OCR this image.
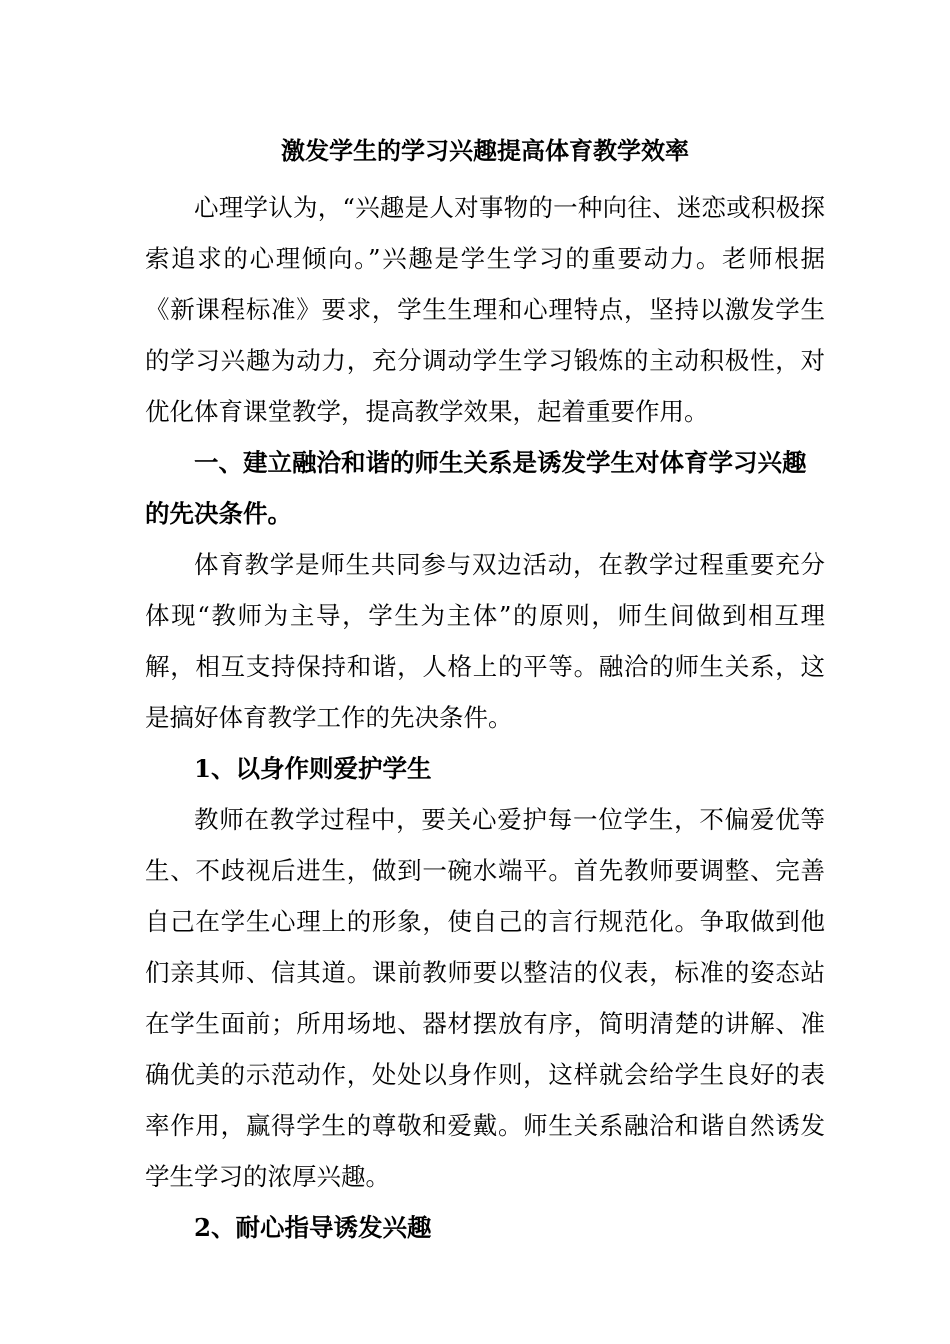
激发学生的学习兴趣提高体育教学效率

心理学认为，“兴趣是人对事物的一种向往、迷恋或积极探索追求的心理倾向。”兴趣是学生学习的重要动力。老师根据《新课程标准》要求，学生生理和心理特点，坚持以激发学生的学习兴趣为动力，充分调动学生学习锻炼的主动积极性，对优化体育课堂教学，提高教学效果，起着重要作用。

一、建立融洽和谐的师生关系是诱发学生对体育学习兴趣的先决条件。

体育教学是师生共同参与双边活动，在教学过程重要充分体现“教师为主导，学生为主体”的原则，师生间做到相互理解，相互支持保持和谐，人格上的平等。融洽的师生关系，这是搞好体育教学工作的先决条件。

1、以身作则爱护学生

教师在教学过程中，要关心爱护每一位学生，不偏爱优等生、不歧视后进生，做到一碗水端平。首先教师要调整、完善自己在学生心理上的形象，使自己的言行规范化。争取做到他们亲其师、信其道。课前教师要以整洁的仪表，标准的姿态站在学生面前；所用场地、器材摆放有序，简明清楚的讲解、准确优美的示范动作，处处以身作则，这样就会给学生良好的表率作用，赢得学生的尊敬和爱戴。师生关系融洽和谐自然诱发学生学习的浓厚兴趣。

2、耐心指导诱发兴趣
